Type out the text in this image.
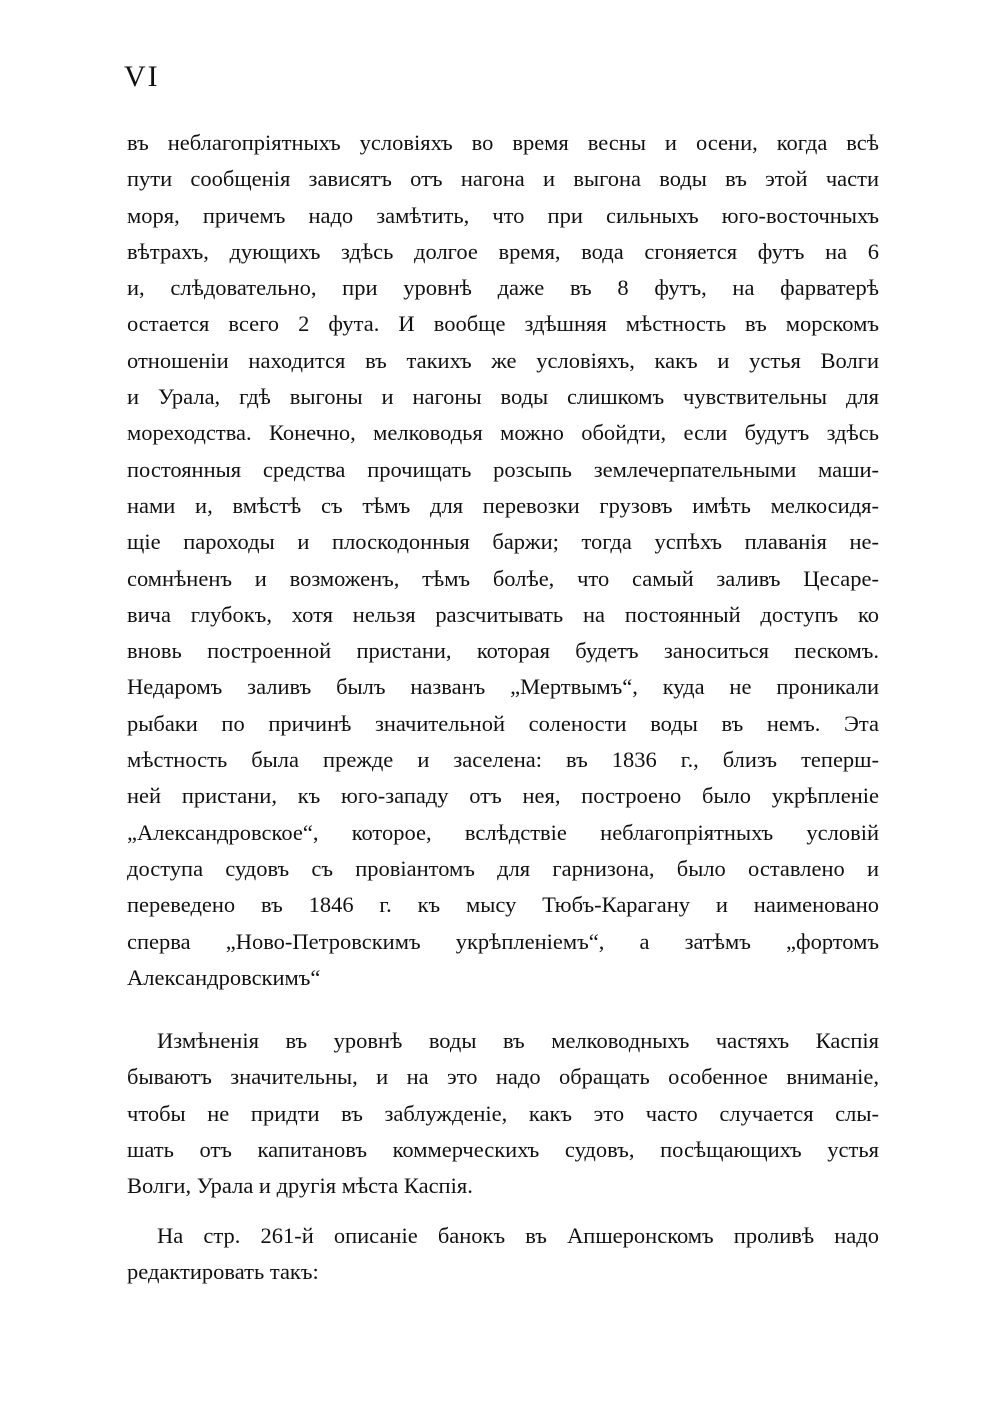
VI
въ неблагопріятныхъ условіяхъ во время весны и осени, когда всѣ
пути сообщенія зависятъ отъ нагона и выгона воды въ этой части
моря, причемъ надо замѣтить, что при сильныхъ юго-восточныхъ
вѣтрахъ, дующихъ здѣсь долгое время, вода сгоняется футъ на 6
и, слѣдовательно, при уровнѣ даже въ 8 футъ, на фарватерѣ
остается всего 2 фута. И вообще здѣшняя мѣстность въ морскомъ
отношеніи находится въ такихъ же условіяхъ, какъ и устья Волги
и Урала, гдѣ выгоны и нагоны воды слишкомъ чувствительны для
мореходства. Конечно, мелководья можно обойдти, если будутъ здѣсь
постоянныя средства прочищать розсыпь землечерпательными маши-
нами и, вмѣстѣ съ тѣмъ для перевозки грузовъ имѣть мелкосидя-
щіе пароходы и плоскодонныя баржи; тогда успѣхъ плаванія не-
сомнѣненъ и возможенъ, тѣмъ болѣе, что самый заливъ Цесаре-
вича глубокъ, хотя нельзя разсчитывать на постоянный доступъ ко
вновь построенной пристани, которая будетъ заноситься пескомъ.
Недаромъ заливъ былъ названъ „Мертвымъ“, куда не проникали
рыбаки по причинѣ значительной солености воды въ немъ. Эта
мѣстность была прежде и заселена: въ 1836 г., близъ теперш-
ней пристани, къ юго-западу отъ нея, построено было укрѣпленіе
„Александровское“, которое, вслѣдствіе неблагопріятныхъ условій
доступа судовъ съ провіантомъ для гарнизона, было оставлено и
переведено въ 1846 г. къ мысу Тюбъ-Карагану и наименовано
сперва „Ново-Петровскимъ укрѣпленіемъ“, а затѣмъ „фортомъ
Александровскимъ“
Измѣненія въ уровнѣ воды въ мелководныхъ частяхъ Каспія
бываютъ значительны, и на это надо обращать особенное вниманіе,
чтобы не придти въ заблужденіе, какъ это часто случается слы-
шать отъ капитановъ коммерческихъ судовъ, посѣщающихъ устья
Волги, Урала и другія мѣста Каспія.
На стр. 261-й описаніе банокъ въ Апшеронскомъ проливѣ надо
редактировать такъ:
